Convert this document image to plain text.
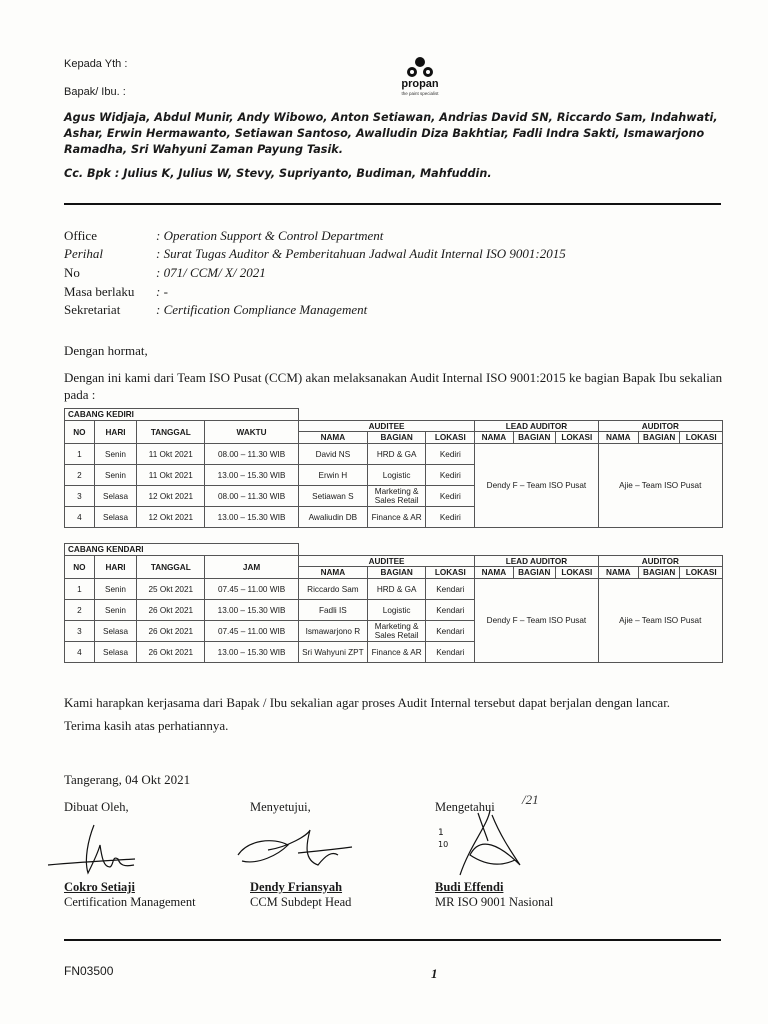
Kepada Yth :
Bapak/ Ibu. :
propan
the paint specialist
Agus Widjaja, Abdul Munir, Andy Wibowo, Anton Setiawan, Andrias David SN, Riccardo Sam, Indahwati, Ashar, Erwin Hermawanto, Setiawan Santoso, Awalludin Diza Bakhtiar, Fadli Indra Sakti, Ismawarjono Ramadha, Sri Wahyuni Zaman Payung Tasik.
Cc. Bpk : Julius K, Julius W, Stevy, Supriyanto, Budiman, Mahfuddin.
Office	: Operation Support & Control Department
Perihal	: Surat Tugas Auditor & Pemberitahuan Jadwal Audit Internal ISO 9001:2015
No	: 071/ CCM/ X/ 2021
Masa berlaku	: -
Sekretariat	: Certification Compliance Management
Dengan hormat,
Dengan ini kami dari Team ISO Pusat (CCM) akan melaksanakan Audit Internal ISO 9001:2015 ke bagian Bapak Ibu sekalian pada :
CABANG KEDIRI												
NO	HARI	TANGGAL	WAKTU	AUDITEE			LEAD AUDITOR			AUDITOR		
				NAMA	BAGIAN	LOKASI	NAMA	BAGIAN	LOKASI	NAMA	BAGIAN	LOKASI
1	Senin	11 Okt 2021	08.00 – 11.30 WIB	David NS	HRD & GA	Kediri	Dendy F – Team ISO Pusat			Ajie – Team ISO Pusat		
2	Senin	11 Okt 2021	13.00 – 15.30 WIB	Erwin H	Logistic	Kediri						
3	Selasa	12 Okt 2021	08.00 – 11.30 WIB	Setiawan S	Marketing & Sales Retail	Kediri						
4	Selasa	12 Okt 2021	13.00 – 15.30 WIB	Awaliudin DB	Finance & AR	Kediri						
CABANG KENDARI												
NO	HARI	TANGGAL	JAM	AUDITEE			LEAD AUDITOR			AUDITOR		
				NAMA	BAGIAN	LOKASI	NAMA	BAGIAN	LOKASI	NAMA	BAGIAN	LOKASI
1	Senin	25 Okt 2021	07.45 – 11.00 WIB	Riccardo Sam	HRD & GA	Kendari	Dendy F – Team ISO Pusat			Ajie – Team ISO Pusat		
2	Senin	26 Okt 2021	13.00 – 15.30 WIB	Fadli IS	Logistic	Kendari						
3	Selasa	26 Okt 2021	07.45 – 11.00 WIB	Ismawarjono R	Marketing & Sales Retail	Kendari						
4	Selasa	26 Okt 2021	13.00 – 15.30 WIB	Sri Wahyuni ZPT	Finance & AR	Kendari						
Kami harapkan kerjasama dari Bapak / Ibu sekalian agar proses Audit Internal tersebut dapat berjalan dengan lancar.
Terima kasih atas perhatiannya.
Tangerang, 04 Okt 2021
Dibuat Oleh,	Menyetujui,	Mengetahui /21
1
10
Cokro Setiaji
Certification Management
Dendy Friansyah
CCM Subdept Head
Budi Effendi
MR ISO 9001 Nasional
FN03500	1
